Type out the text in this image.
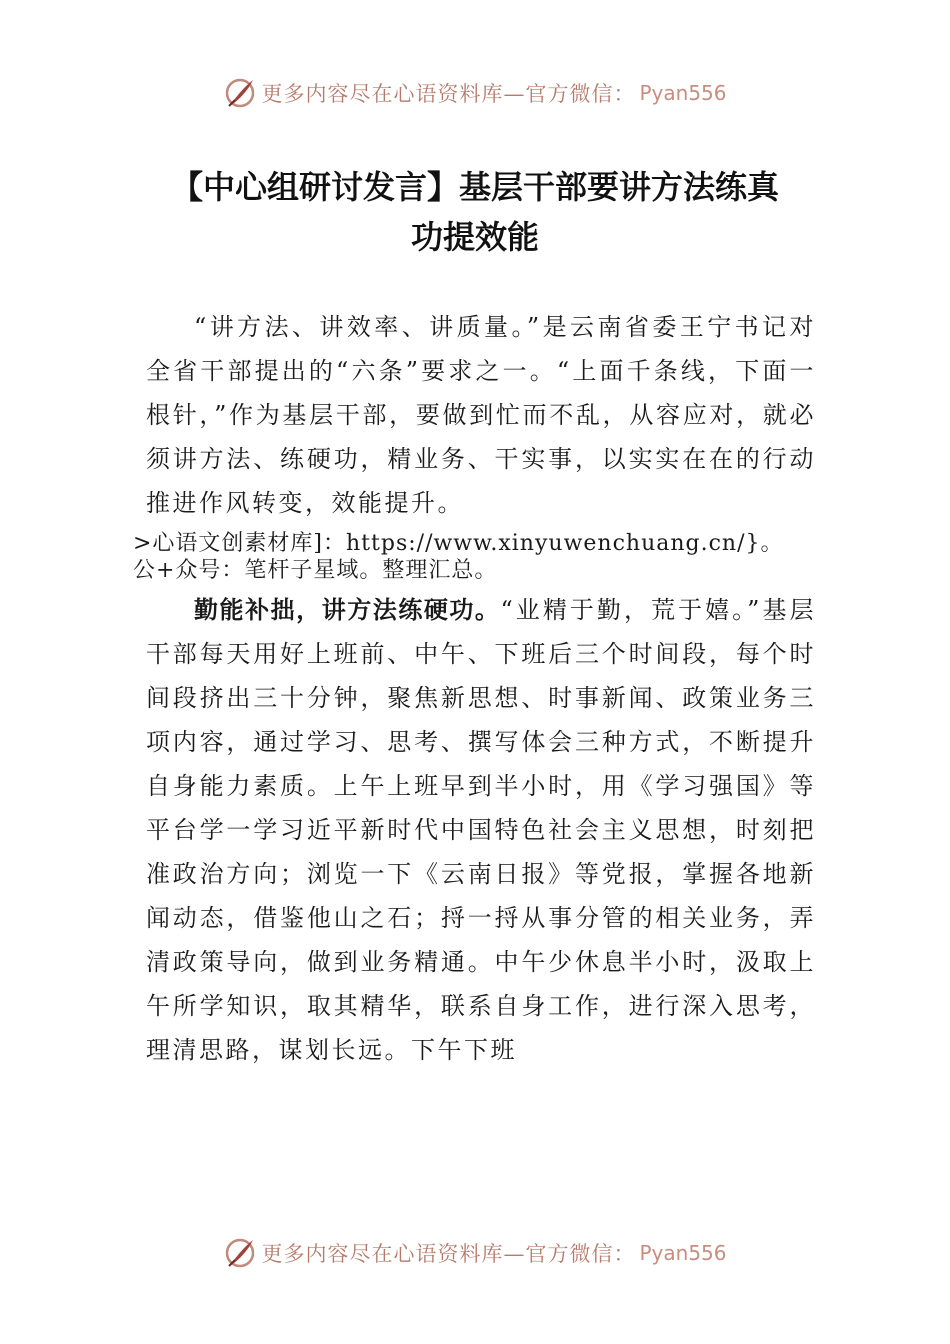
更多内容尽在心语资料库—官方微信： Pyan556
【中心组研讨发言】基层干部要讲方法练真
功提效能

“讲方法、讲效率、讲质量。”是云南省委王宁书记对全省干部提出的“六条”要求之一。“上面千条线，下面一根针，”作为基层干部，要做到忙而不乱，从容应对，就必须讲方法、练硬功，精业务、干实事，以实实在在的行动推进作风转变，效能提升。

>心语文创素材库]：https://www.xinyuwenchuang.cn/}。
公+众号：笔杆子星域。整理汇总。

勤能补拙，讲方法练硬功。“业精于勤，荒于嬉。”基层干部每天用好上班前、中午、下班后三个时间段，每个时间段挤出三十分钟，聚焦新思想、时事新闻、政策业务三项内容，通过学习、思考、撰写体会三种方式，不断提升自身能力素质。上午上班早到半小时，用《学习强国》等平台学一学习近平新时代中国特色社会主义思想，时刻把准政治方向；浏览一下《云南日报》等党报，掌握各地新闻动态，借鉴他山之石；捋一捋从事分管的相关业务，弄清政策导向，做到业务精通。中午少休息半小时，汲取上午所学知识，取其精华，联系自身工作，进行深入思考，理清思路，谋划长远。下午下班

更多内容尽在心语资料库—官方微信： Pyan556
